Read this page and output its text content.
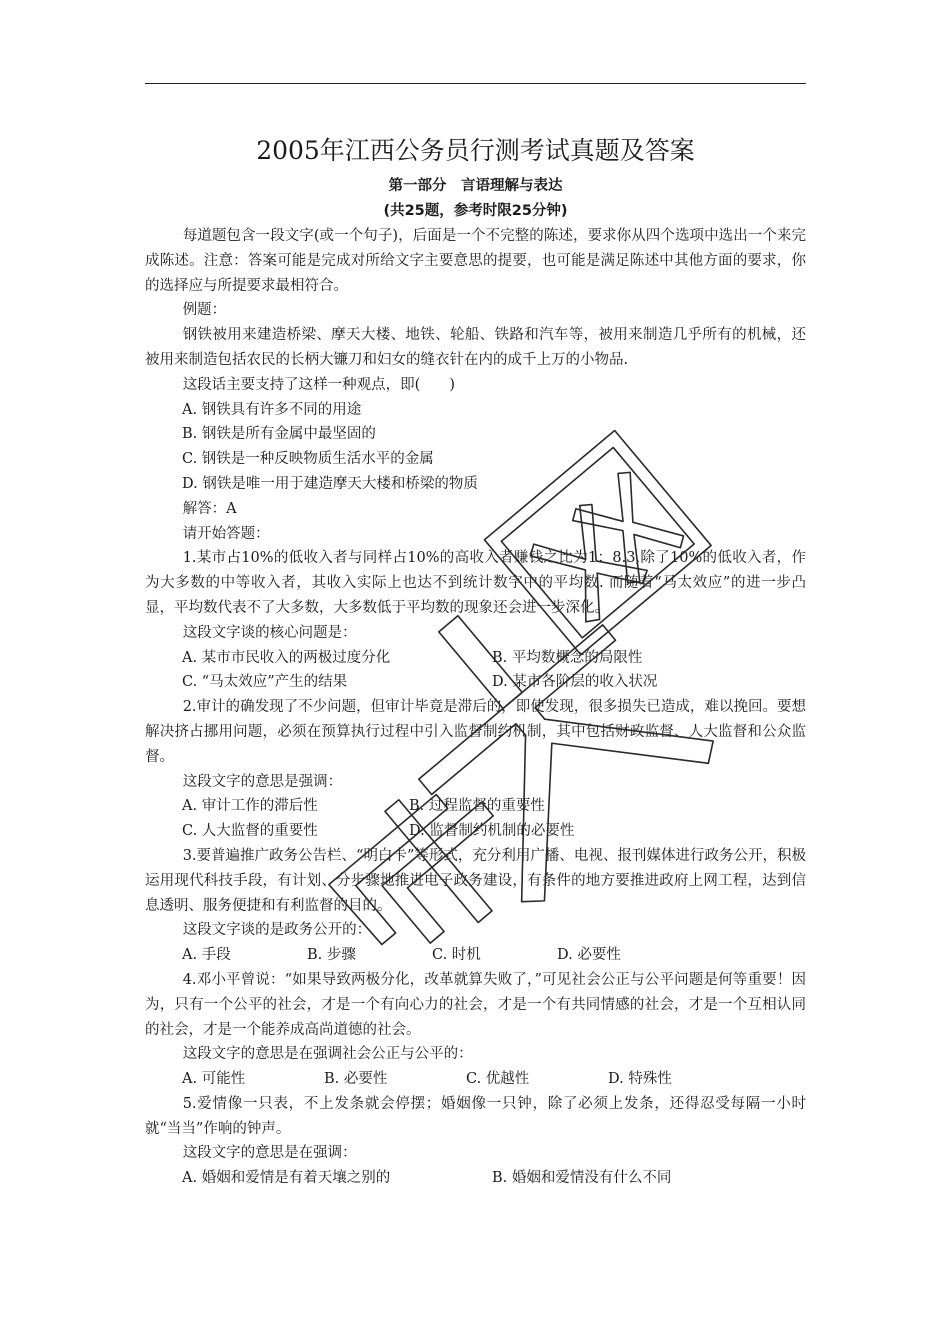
2005年江西公务员行测考试真题及答案
第一部分　言语理解与表达
(共25题，参考时限25分钟)

每道题包含一段文字(或一个句子)，后面是一个不完整的陈述，要求你从四个选项中选出一个来完成陈述。注意：答案可能是完成对所给文字主要意思的提要，也可能是满足陈述中其他方面的要求，你的选择应与所提要求最相符合。

例题：

钢铁被用来建造桥梁、摩天大楼、地铁、轮船、铁路和汽车等，被用来制造几乎所有的机械，还被用来制造包括农民的长柄大镰刀和妇女的缝衣针在内的成千上万的小物品.

这段话主要支持了这样一种观点，即(　　)

A. 钢铁具有许多不同的用途
B. 钢铁是所有金属中最坚固的
C. 钢铁是一种反映物质生活水平的金属
D. 钢铁是唯一用于建造摩天大楼和桥梁的物质

解答：A

请开始答题：

1.某市占10%的低收入者与同样占10%的高收入者赚钱之比为1：8.3,除了10%的低收入者，作为大多数的中等收入者，其收入实际上也达不到统计数字中的平均数. 而随着“马太效应”的进一步凸显，平均数代表不了大多数，大多数低于平均数的现象还会进一步深化。

这段文字谈的核心问题是：

A. 某市市民收入的两极过度分化	B. 平均数概念的局限性
C. “马太效应”产生的结果	D. 某市各阶层的收入状况

2.审计的确发现了不少问题，但审计毕竟是滞后的，即使发现，很多损失已造成，难以挽回。要想解决挤占挪用问题，必须在预算执行过程中引入监督制约机制，其中包括财政监督、人大监督和公众监督。

这段文字的意思是强调：

A. 审计工作的滞后性	B. 过程监督的重要性
C. 人大监督的重要性	D. 监督制约机制的必要性

3.要普遍推广政务公告栏、“明白卡”等形式，充分利用广播、电视、报刊媒体进行政务公开，积极运用现代科技手段，有计划、分步骤地推进电子政务建设，有条件的地方要推进政府上网工程，达到信息透明、服务便捷和有利监督的目的。

这段文字谈的是政务公开的：

A. 手段	B. 步骤	C. 时机	D. 必要性

4.邓小平曾说：“如果导致两极分化，改革就算失败了，”可见社会公正与公平问题是何等重要！因为，只有一个公平的社会，才是一个有向心力的社会，才是一个有共同情感的社会，才是一个互相认同的社会，才是一个能养成高尚道德的社会。

这段文字的意思是在强调社会公正与公平的：

A. 可能性	B. 必要性	C. 优越性	D. 特殊性

5.爱情像一只表，不上发条就会停摆；婚姻像一只钟，除了必须上发条，还得忍受每隔一小时就“当当”作响的钟声。

这段文字的意思是在强调：

A. 婚姻和爱情是有着天壤之别的	B. 婚姻和爱情没有什么不同
